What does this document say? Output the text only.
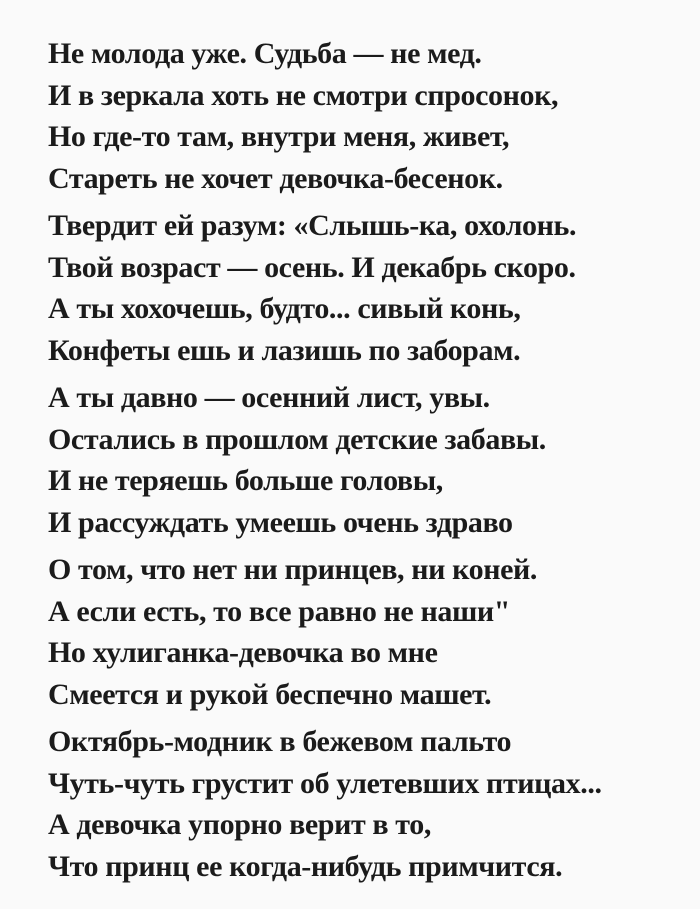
Не молода уже. Судьба — не мед.

И в зеркала хоть не смотри спросонок,

Но где-то там, внутри меня, живет,

Стареть не хочет девочка-бесенок.

Твердит ей разум: «Слышь-ка, охолонь.

Твой возраст — осень. И декабрь скоро.

А ты хохочешь, будто... сивый конь,

Конфеты ешь и лазишь по заборам.

А ты давно — осенний лист, увы.

Остались в прошлом детские забавы.

И не теряешь больше головы,

И рассуждать умеешь очень здраво

О том, что нет ни принцев, ни коней.

А если есть, то все равно не наши"

Но хулиганка-девочка во мне

Смеется и рукой беспечно машет.

Октябрь-модник в бежевом пальто

Чуть-чуть грустит об улетевших птицах...

А девочка упорно верит в то,

Что принц ее когда-нибудь примчится.
